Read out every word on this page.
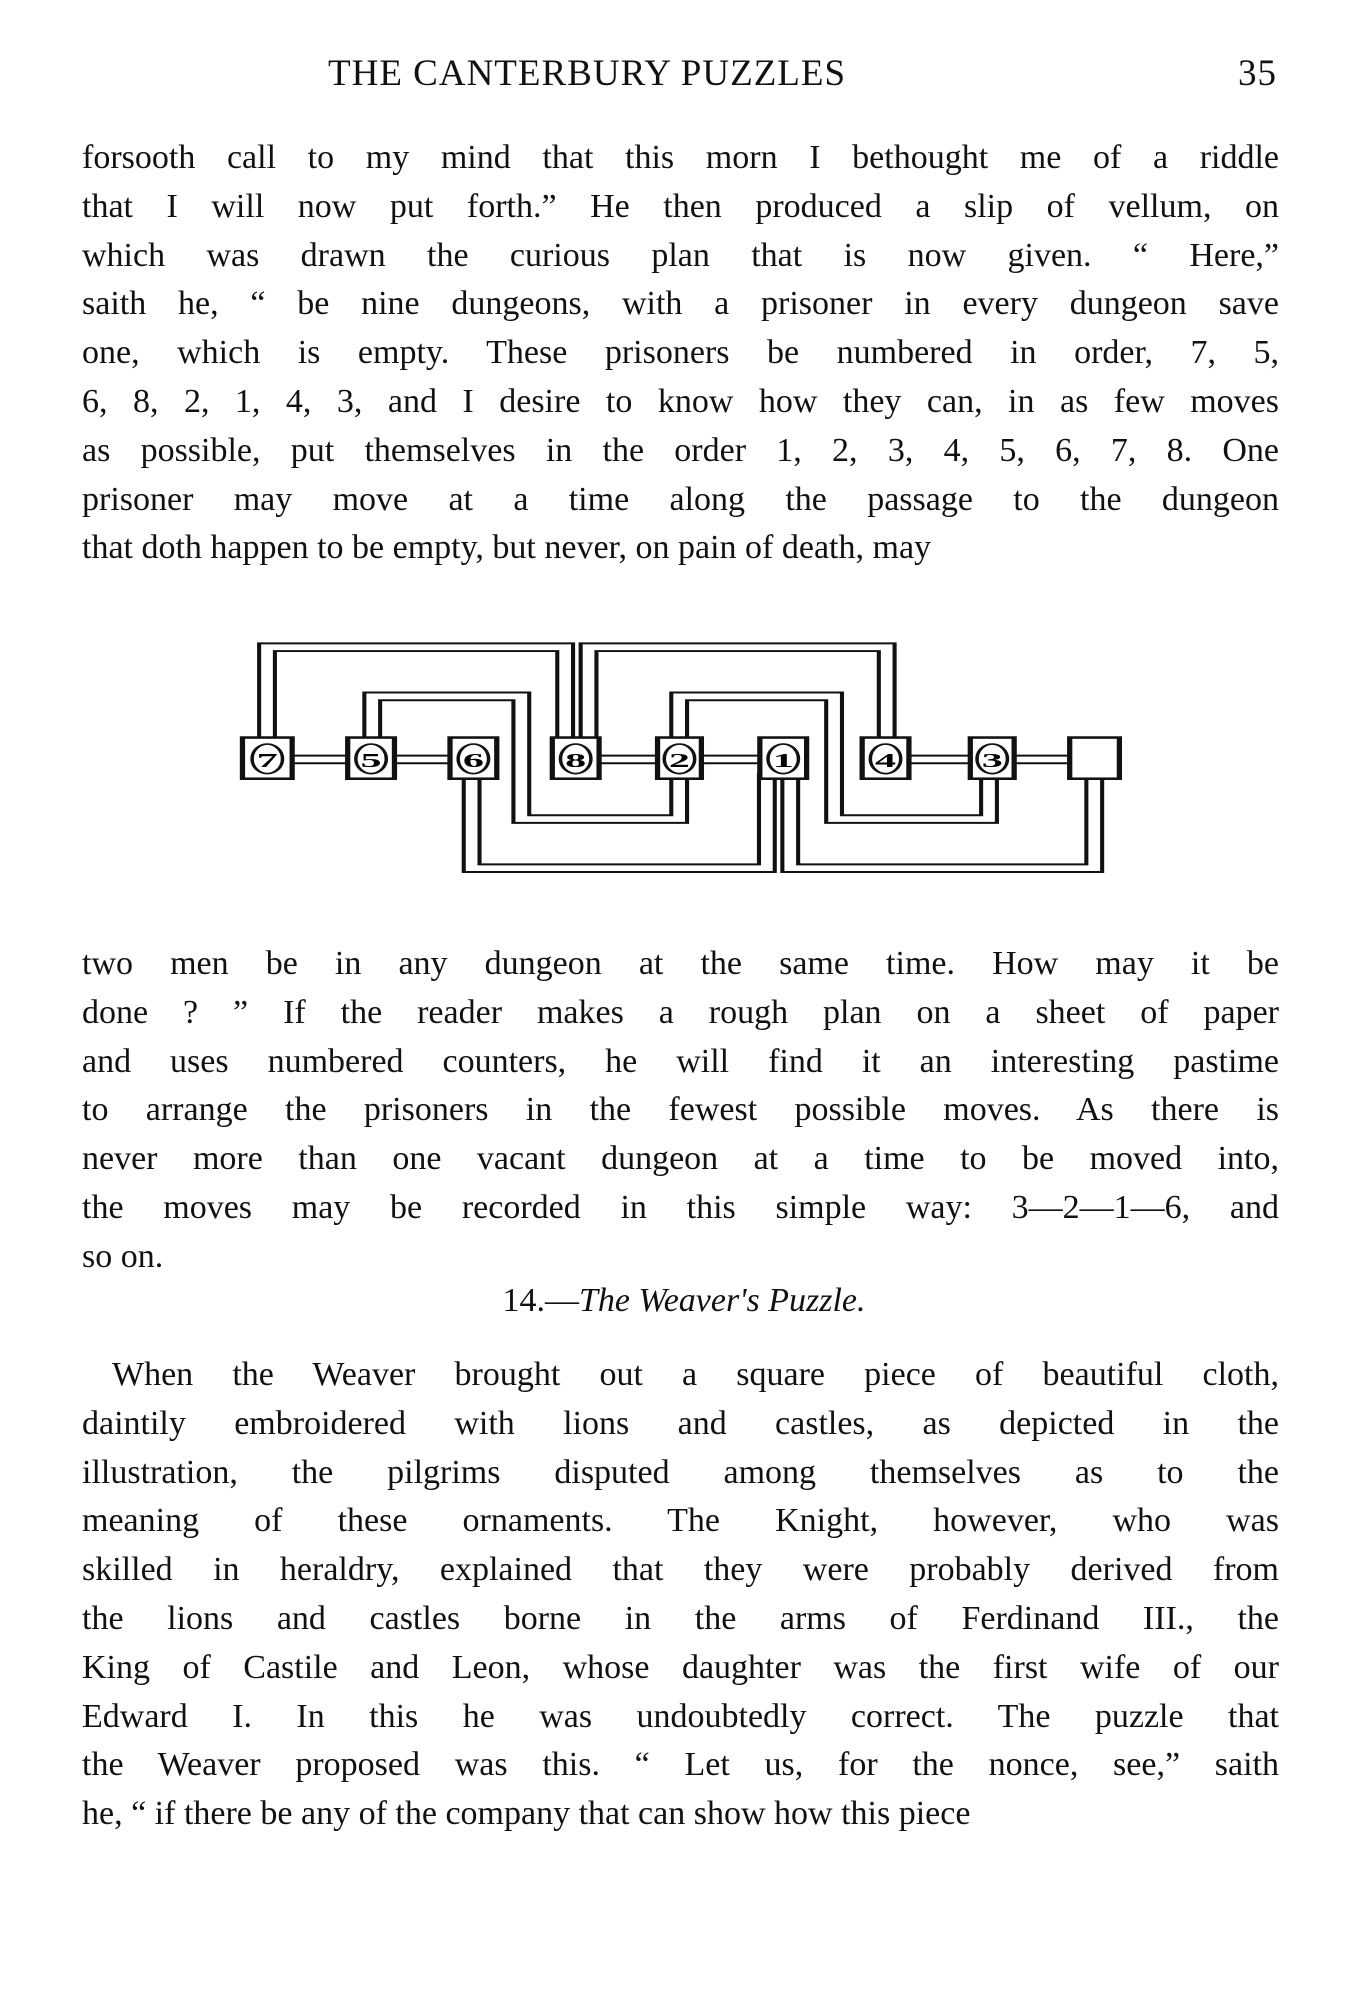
THE CANTERBURY PUZZLES	35
forsooth call to my mind that this morn I bethought me of a riddle
that I will now put forth.” He then produced a slip of vellum, on
which was drawn the curious plan that is now given. “ Here,”
saith he, “ be nine dungeons, with a prisoner in every dungeon save
one, which is empty. These prisoners be numbered in order, 7, 5,
6, 8, 2, 1, 4, 3, and I desire to know how they can, in as few moves
as possible, put themselves in the order 1, 2, 3, 4, 5, 6, 7, 8. One
prisoner may move at a time along the passage to the dungeon
that doth happen to be empty, but never, on pain of death, may
7 5 6 8 2 1 4 3
two men be in any dungeon at the same time. How may it be
done ? ” If the reader makes a rough plan on a sheet of paper
and uses numbered counters, he will find it an interesting pastime
to arrange the prisoners in the fewest possible moves. As there is
never more than one vacant dungeon at a time to be moved into,
the moves may be recorded in this simple way: 3—2—1—6, and
so on.
14.—The Weaver's Puzzle.
When the Weaver brought out a square piece of beautiful cloth,
daintily embroidered with lions and castles, as depicted in the
illustration, the pilgrims disputed among themselves as to the
meaning of these ornaments. The Knight, however, who was
skilled in heraldry, explained that they were probably derived from
the lions and castles borne in the arms of Ferdinand III., the
King of Castile and Leon, whose daughter was the first wife of our
Edward I. In this he was undoubtedly correct. The puzzle that
the Weaver proposed was this. “ Let us, for the nonce, see,” saith
he, “ if there be any of the company that can show how this piece
